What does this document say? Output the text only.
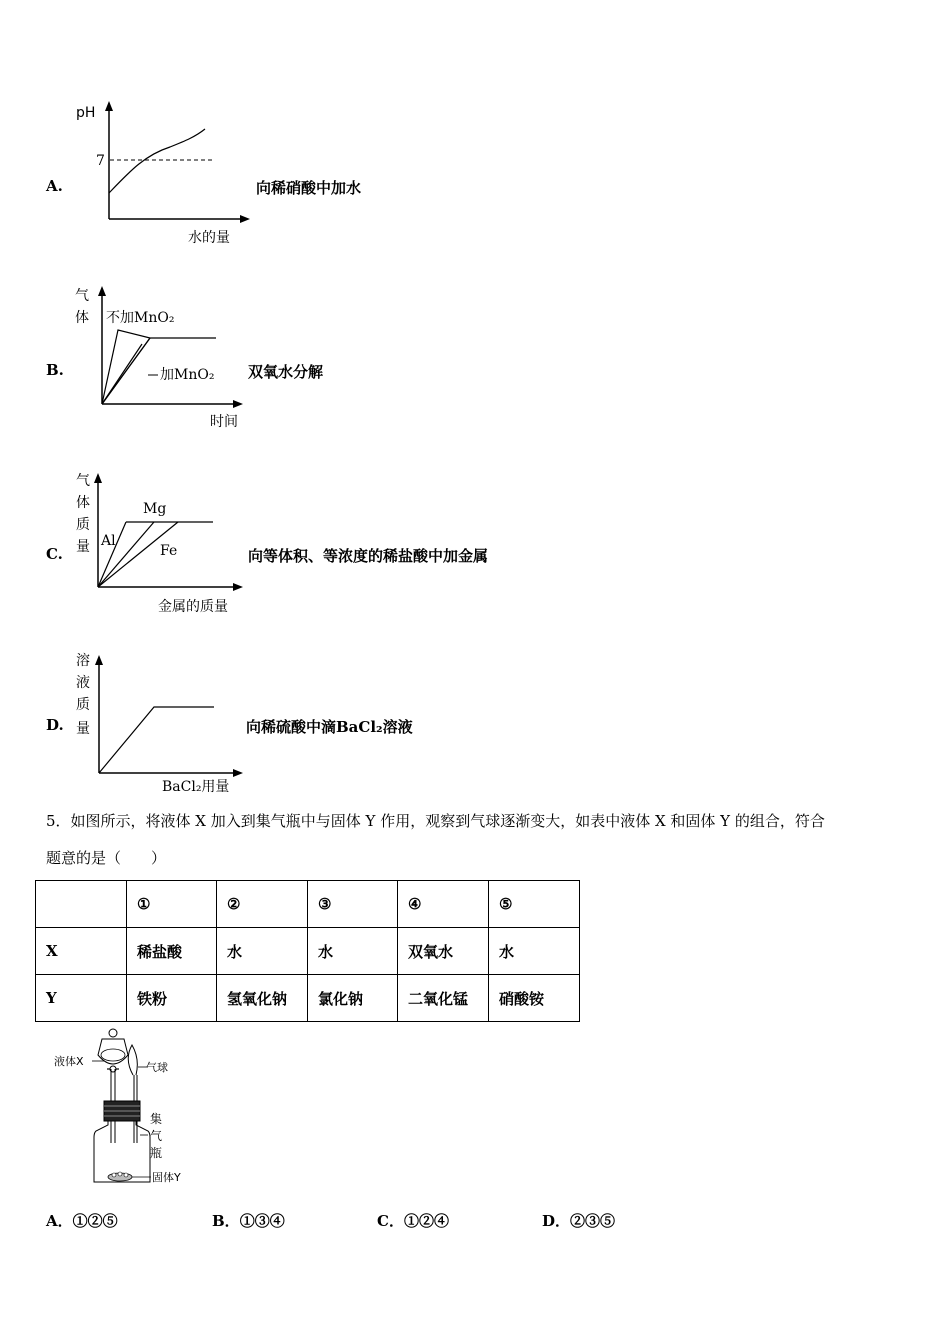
A.
pH
7
水的量
向稀硝酸中加水
B.
气
体 不加MnO₂
加MnO₂
时间
双氧水分解
C.
气
体
质
量 Al
Mg
Fe
金属的质量
向等体积、等浓度的稀盐酸中加金属
D.
溶
液
质
量
BaCl₂用量
向稀硫酸中滴BaCl₂溶液
5．如图所示，将液体 X 加入到集气瓶中与固体 Y 作用，观察到气球逐渐变大，如表中液体 X 和固体 Y 的组合，符合
题意的是（　　）
	①	②	③	④	⑤
X	稀盐酸	水	水	双氧水	水
Y	铁粉	氢氧化钠	氯化钠	二氧化锰	硝酸铵
液体X	气球
集
气
瓶
固体Y
A．①②⑤	B．①③④	C．①②④	D．②③⑤
